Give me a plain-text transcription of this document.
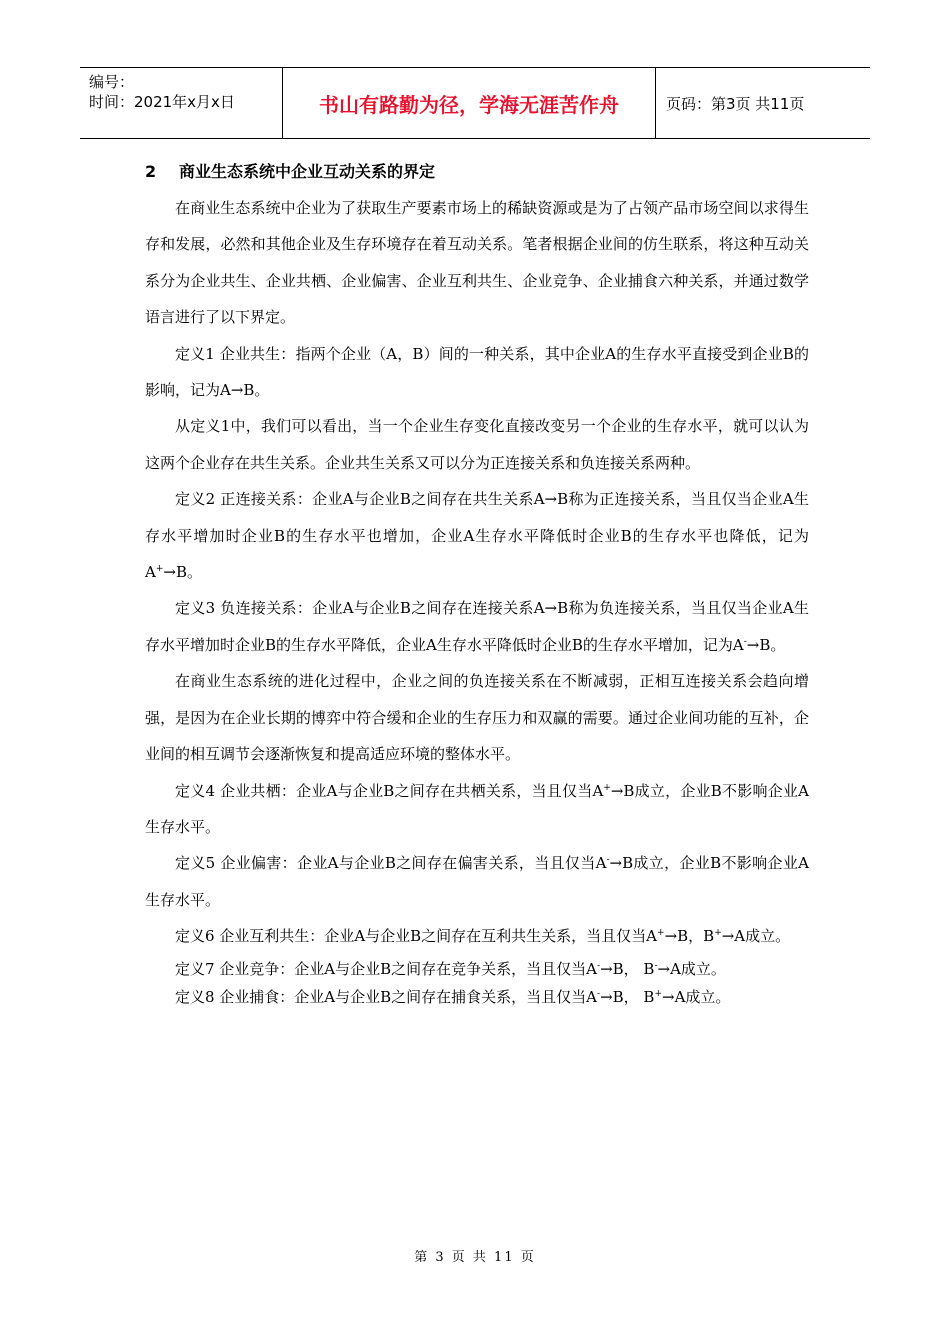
编号：
时间：2021年x月x日	书山有路勤为径，学海无涯苦作舟	页码：第3页 共11页
2 商业生态系统中企业互动关系的界定

在商业生态系统中企业为了获取生产要素市场上的稀缺资源或是为了占领产品市场空间以求得生存和发展，必然和其他企业及生存环境存在着互动关系。笔者根据企业间的仿生联系，将这种互动关系分为企业共生、企业共栖、企业偏害、企业互利共生、企业竞争、企业捕食六种关系，并通过数学语言进行了以下界定。

定义1 企业共生：指两个企业（A，B）间的一种关系，其中企业A的生存水平直接受到企业B的影响，记为A→B。

从定义1中，我们可以看出，当一个企业生存变化直接改变另一个企业的生存水平，就可以认为这两个企业存在共生关系。企业共生关系又可以分为正连接关系和负连接关系两种。

定义2 正连接关系：企业A与企业B之间存在共生关系A→B称为正连接关系，当且仅当企业A生存水平增加时企业B的生存水平也增加，企业A生存水平降低时企业B的生存水平也降低，记为A+→B。

定义3 负连接关系：企业A与企业B之间存在连接关系A→B称为负连接关系，当且仅当企业A生存水平增加时企业B的生存水平降低，企业A生存水平降低时企业B的生存水平增加，记为A-→B。

在商业生态系统的进化过程中，企业之间的负连接关系在不断减弱，正相互连接关系会趋向增强，是因为在企业长期的博弈中符合缓和企业的生存压力和双赢的需要。通过企业间功能的互补，企业间的相互调节会逐渐恢复和提高适应环境的整体水平。

定义4 企业共栖：企业A与企业B之间存在共栖关系，当且仅当A+→B成立，企业B不影响企业A生存水平。

定义5 企业偏害：企业A与企业B之间存在偏害关系，当且仅当A-→B成立，企业B不影响企业A生存水平。

定义6 企业互利共生：企业A与企业B之间存在互利共生关系，当且仅当A+→B，B+→A成立。

定义7 企业竞争：企业A与企业B之间存在竞争关系，当且仅当A-→B， B-→A成立。

定义8 企业捕食：企业A与企业B之间存在捕食关系，当且仅当A-→B， B+→A成立。

第 3 页 共 11 页
